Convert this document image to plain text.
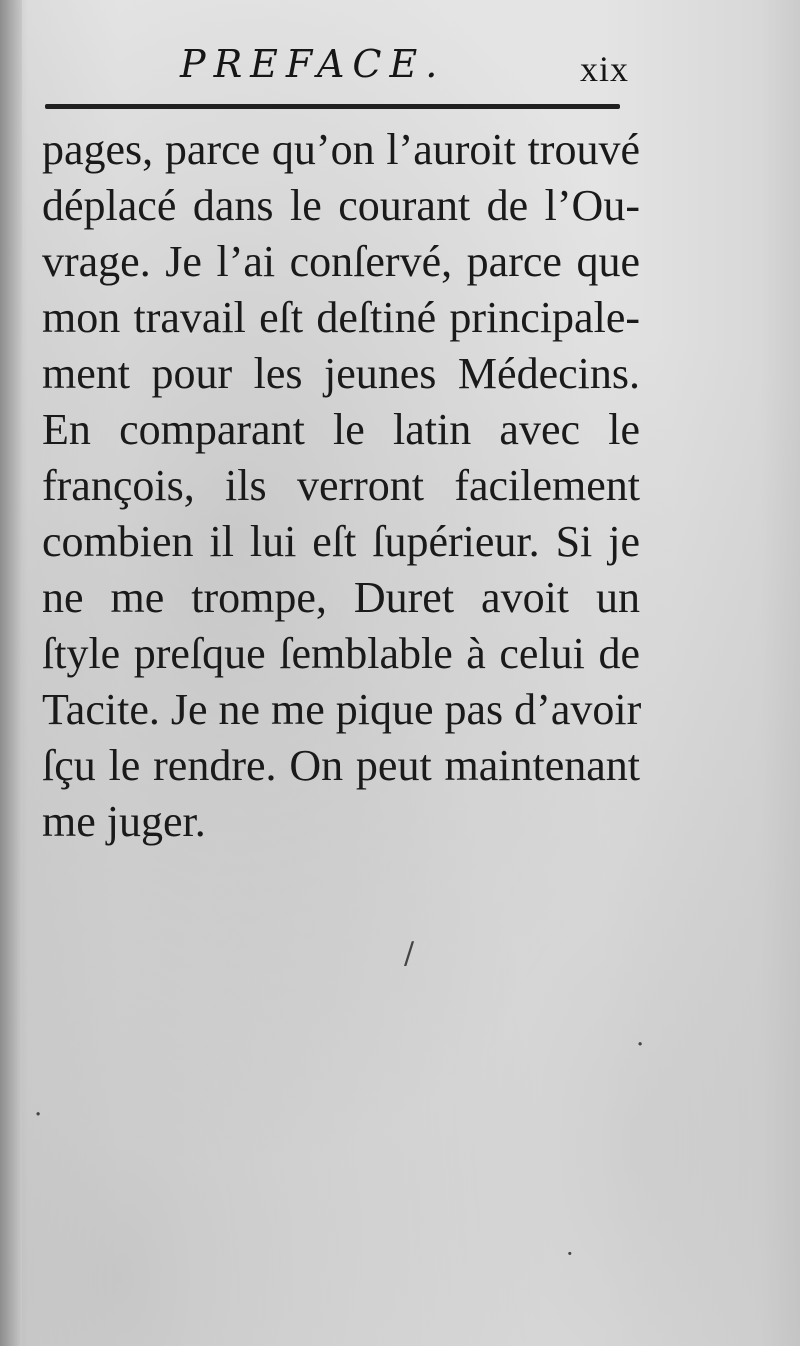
PREFACE.	xix
pages, parce qu’on l’auroit trouvé
déplacé dans le courant de l’Ou-
vrage. Je l’ai conſervé, parce que
mon travail eſt deſtiné principale-
ment pour les jeunes Médecins.
En comparant le latin avec le
françois, ils verront facilement
combien il lui eſt ſupérieur. Si je
ne me trompe, Duret avoit un
ſtyle preſque ſemblable à celui de
Tacite. Je ne me pique pas d’avoir
ſçu le rendre. On peut maintenant
me juger.
/
·
·
·
